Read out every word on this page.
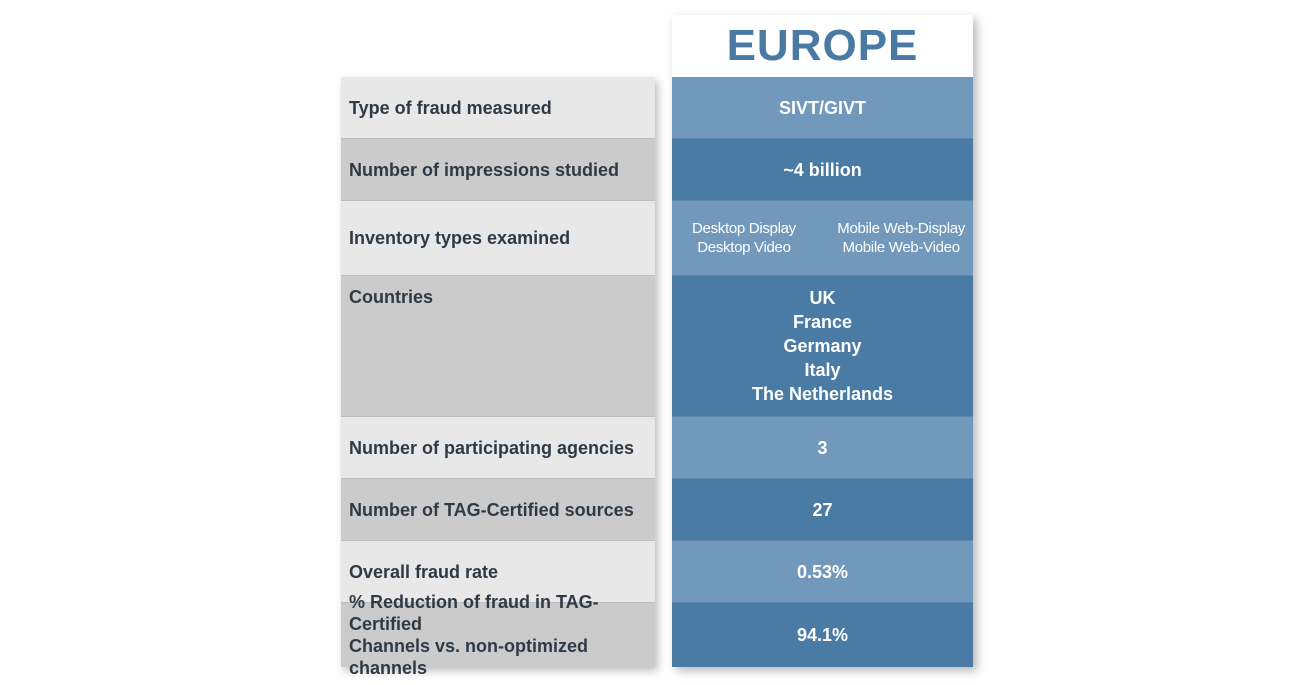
Type of fraud measured
Number of impressions studied
Inventory types examined
Countries
Number of participating agencies
Number of TAG-Certified sources
Overall fraud rate
% Reduction of fraud in TAG-Certified
Channels vs. non-optimized channels
EUROPE
SIVT/GIVT
~4 billion
Desktop Display
Desktop Video
Mobile Web-Display
Mobile Web-Video
UK
France
Germany
Italy
The Netherlands
3
27
0.53%
94.1%
